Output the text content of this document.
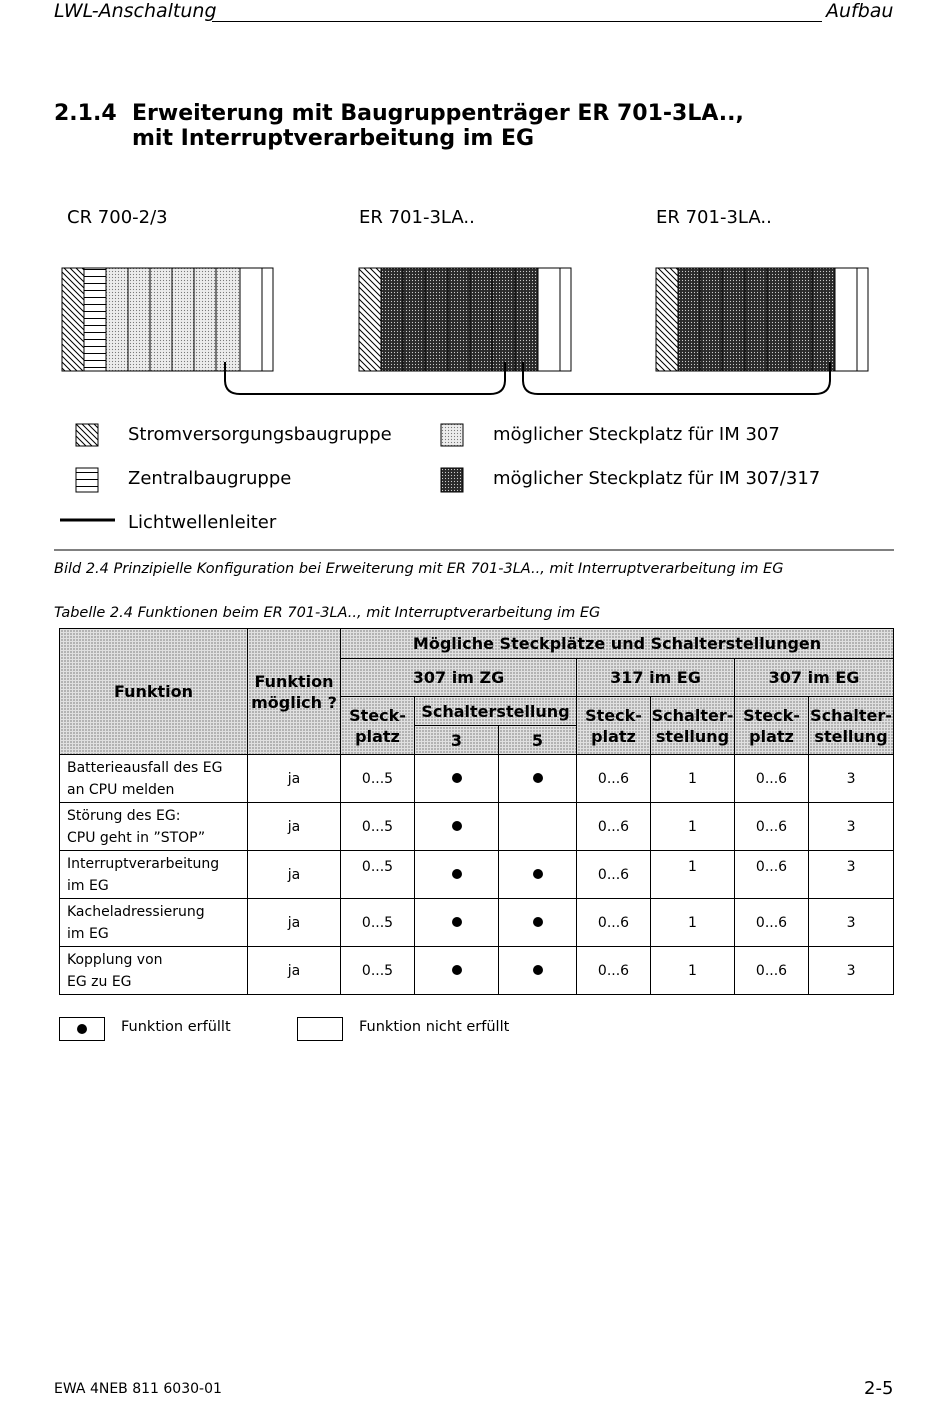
LWL-Anschaltung	Aufbau
2.1.4 Erweiterung mit Baugruppenträger ER 701-3LA..,
mit Interruptverarbeitung im EG
CR 700-2/3	ER 701-3LA..	ER 701-3LA..
Stromversorgungsbaugruppe
Zentralbaugruppe
Lichtwellenleiter
möglicher Steckplatz für IM 307
möglicher Steckplatz für IM 307/317
Bild 2.4 Prinzipielle Konfiguration bei Erweiterung mit ER 701-3LA.., mit Interruptverarbeitung im EG
Tabelle 2.4 Funktionen beim ER 701-3LA.., mit Interruptverarbeitung im EG
Funktion	Funktion möglich ?	Mögliche Steckplätze und Schalterstellungen						
		307 im ZG			317 im EG		307 im EG	
		Steck- platz	Schalterstellung		Steck- platz	Schalter- stellung	Steck- platz	Schalter- stellung
			3	5				

Batterieausfall des EG
an CPU melden	ja	0...5			0...6	1	0...6	3

Störung des EG:
CPU geht in ”STOP”	ja	0...5			0...6	1	0...6	3

Interruptverarbeitung
im EG	ja	0...5			0...6	1	0...6	3

Kacheladressierung
im EG	ja	0...5			0...6	1	0...6	3

Kopplung von
EG zu EG	ja	0...5			0...6	1	0...6	3
Funktion erfüllt	Funktion nicht erfüllt
EWA 4NEB 811 6030-01	2-5
